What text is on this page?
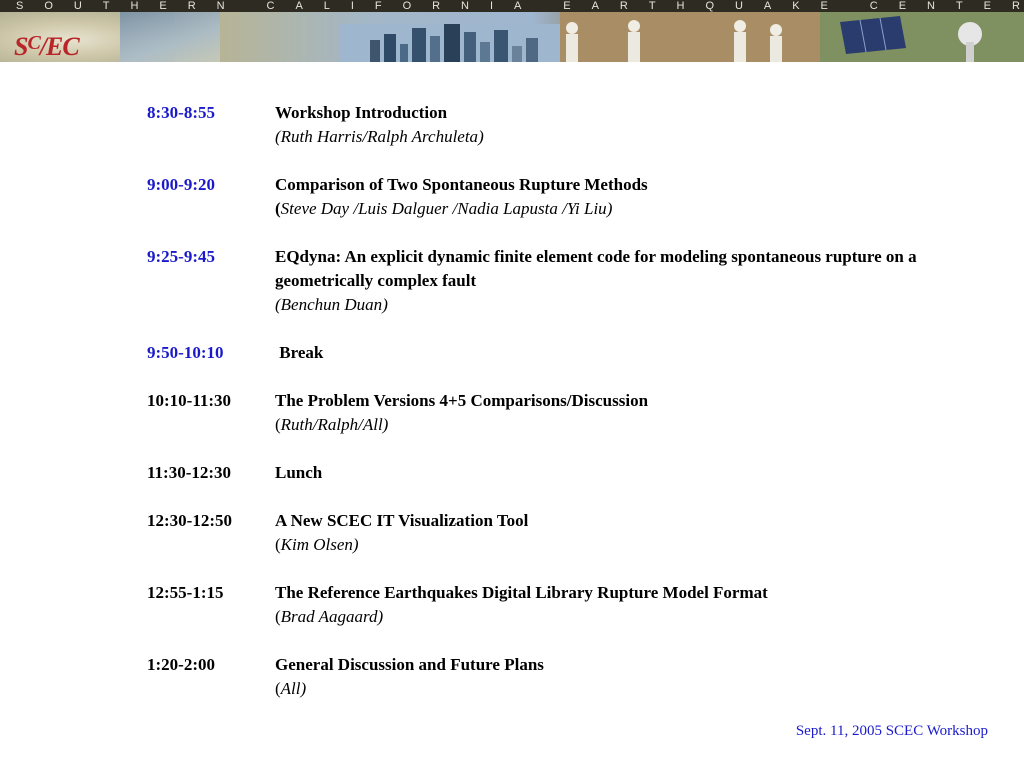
S O U T H E R N	C A L I F O R N I A	E A R T H Q U A K E	C E N T E R
$S^C/EC$
8:30-8:55	Workshop Introduction
(Ruth Harris/Ralph Archuleta)
9:00-9:20	Comparison of Two Spontaneous Rupture Methods
(Steve Day /Luis Dalguer /Nadia Lapusta /Yi Liu)
9:25-9:45	EQdyna: An explicit dynamic finite element code for modeling spontaneous rupture on a geometrically complex fault
(Benchun Duan)
9:50-10:10	Break
10:10-11:30	The Problem Versions 4+5 Comparisons/Discussion
(Ruth/Ralph/All)
11:30-12:30	Lunch
12:30-12:50	A New SCEC IT Visualization Tool
(Kim Olsen)
12:55-1:15	The Reference Earthquakes Digital Library Rupture Model Format
(Brad Aagaard)
1:20-2:00	General Discussion and Future Plans
(All)
Sept. 11, 2005 SCEC Workshop
